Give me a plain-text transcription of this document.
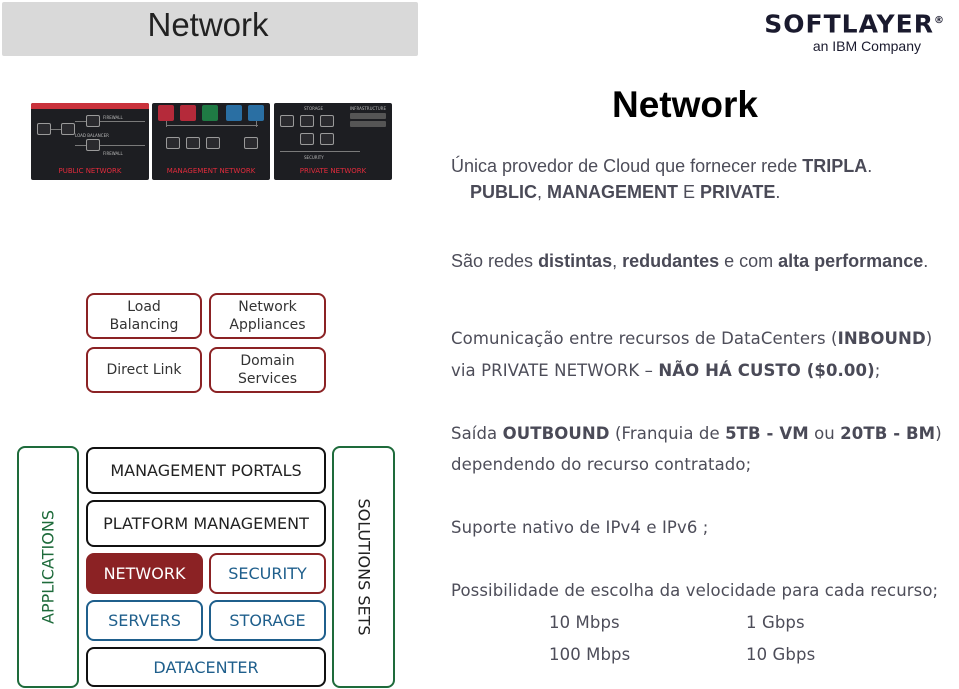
Network	SOFTLAYER®
an IBM Company
Network
Única provedor de Cloud que fornecer rede TRIPLA.
PUBLIC, MANAGEMENT E PRIVATE.
São redes distintas, redudantes e com alta performance.
Comunicação entre recursos de DataCenters (INBOUND)
via PRIVATE NETWORK – NÃO HÁ CUSTO ($0.00);
Saída OUTBOUND (Franquia de 5TB - VM ou 20TB - BM)
dependendo do recurso contratado;
Suporte nativo de IPv4 e IPv6 ;
Possibilidade de escolha da velocidade para cada recurso;
10 Mbps	1 Gbps
100 Mbps	10 Gbps
FIREWALL
LOAD BALANCER
FIREWALL
PUBLIC NETWORK	MANAGEMENT NETWORK
STORAGE	INFRASTRUCTURE
SECURITY
PRIVATE NETWORK
Load
Balancing
Network
Appliances
Direct Link
Domain
Services
APPLICATIONS	SOLUTIONS SETS
MANAGEMENT PORTALS
PLATFORM MANAGEMENT
NETWORK	SECURITY
SERVERS	STORAGE
DATACENTER
